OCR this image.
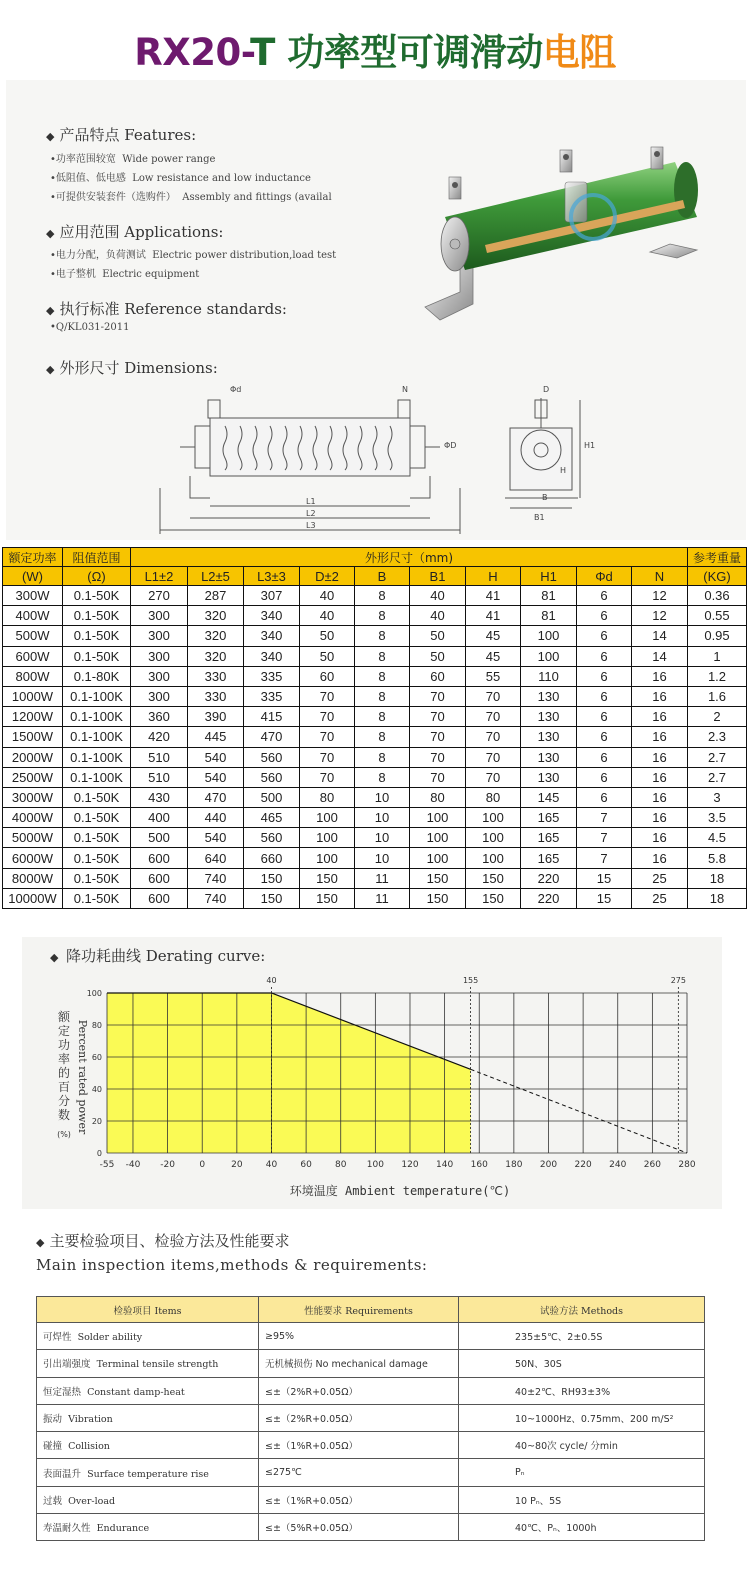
RX20-T 功率型可调滑动电阻
◆ 产品特点 Features:
•功率范围较宽 Wide power range
•低阻值、低电感 Low resistance and low inductance
•可提供安装套件（选购件） Assembly and fittings (availal
◆ 应用范围 Applications:
•电力分配，负荷测试 Electric power distribution,load test
•电子整机 Electric equipment
◆ 执行标准 Reference standards:
•Q/KL031-2011
◆ 外形尺寸 Dimensions:
Φd	N
ΦD
L1
L2
L3
D
H1
H
B
B1
额定功率	阻值范围	外形尺寸（mm)										参考重量
(W)	(Ω)	L1±2	L2±5	L3±3	D±2	B	B1	H	H1	Φd	N	(KG)
300W	0.1-50K	270	287	307	40	8	40	41	81	6	12	0.36
400W	0.1-50K	300	320	340	40	8	40	41	81	6	12	0.55
500W	0.1-50K	300	320	340	50	8	50	45	100	6	14	0.95
600W	0.1-50K	300	320	340	50	8	50	45	100	6	14	1
800W	0.1-80K	300	330	335	60	8	60	55	110	6	16	1.2
1000W	0.1-100K	300	330	335	70	8	70	70	130	6	16	1.6
1200W	0.1-100K	360	390	415	70	8	70	70	130	6	16	2
1500W	0.1-100K	420	445	470	70	8	70	70	130	6	16	2.3
2000W	0.1-100K	510	540	560	70	8	70	70	130	6	16	2.7
2500W	0.1-100K	510	540	560	70	8	70	70	130	6	16	2.7
3000W	0.1-50K	430	470	500	80	10	80	80	145	6	16	3
4000W	0.1-50K	400	440	465	100	10	100	100	165	7	16	3.5
5000W	0.1-50K	500	540	560	100	10	100	100	165	7	16	4.5
6000W	0.1-50K	600	640	660	100	10	100	100	165	7	16	5.8
8000W	0.1-50K	600	740	150	150	11	150	150	220	15	25	18
10000W	0.1-50K	600	740	150	150	11	150	150	220	15	25	18
◆ 降功耗曲线 Derating curve:
40	155	275
-55 -40 -20	0	20	40	60	80 100 120 140 160 180 200 220 240 260 280
0
20
40
60
80
100
环境温度 Ambient temperature(℃)
额
定
功
率
的
百
分
数 Percent rated power
(%)
◆ 主要检验项目、检验方法及性能要求
Main inspection items,methods & requirements:
检验项目 Items	性能要求 Requirements	试验方法 Methods
可焊性 Solder ability	≥95%	235±5℃、2±0.5S
引出端强度 Terminal tensile strength	无机械损伤 No mechanical damage	50N、30S
恒定湿热 Constant damp-heat	≤±（2%R+0.05Ω）	40±2℃、RH93±3%
振动 Vibration	≤±（2%R+0.05Ω）	10~1000Hz、0.75mm、200 m/S²
碰撞 Collision	≤±（1%R+0.05Ω）	40~80次 cycle/ 分min
表面温升 Surface temperature rise	≤275℃	Pₙ
过载 Over-load	≤±（1%R+0.05Ω）	10 Pₙ、5S
寿温耐久性 Endurance	≤±（5%R+0.05Ω）	40℃、Pₙ、1000h
